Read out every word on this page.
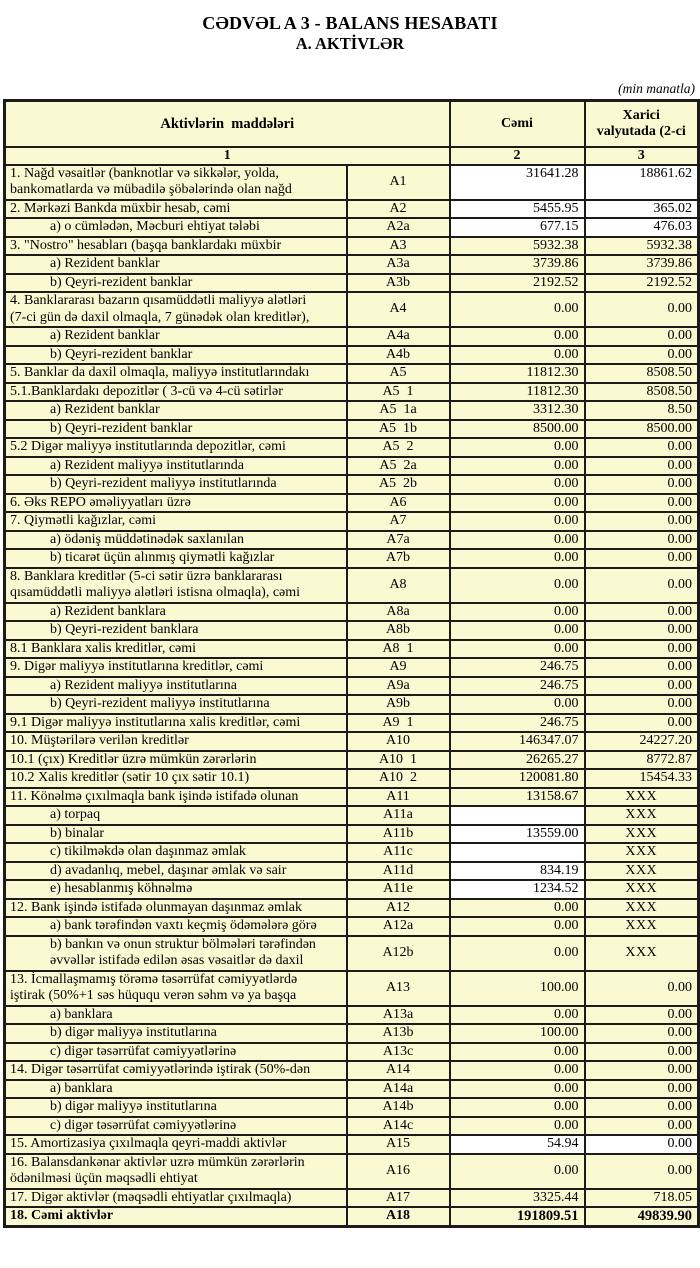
CƏDVƏL A 3 - BALANS HESABATI
A. AKTİVLƏR
(min manatla)
Aktivlərin  maddələri		Cəmi	Xarici
valyutada (2-ci
1		2	3

1. Nağd vəsaitlər (banknotlar və sikkələr, yolda,
bankomatlarda və mübadilə şöbələrində olan nağd	A1	31641.28	18861.62

2. Mərkəzi Bankda müxbir hesab, cəmi	A2	5455.95	365.02

a) o cümlədən, Məcburi ehtiyat tələbi	A2a	677.15	476.03

3. "Nostro" hesabları (başqa banklardakı müxbir	A3	5932.38	5932.38

a) Rezident banklar	A3a	3739.86	3739.86

b) Qeyri-rezident banklar	A3b	2192.52	2192.52

4. Banklararası bazarın qısamüddətli maliyyə alətləri
(7-ci gün də daxil olmaqla, 7 günədək olan kreditlər),	A4	0.00	0.00

a) Rezident banklar	A4a	0.00	0.00

b) Qeyri-rezident banklar	A4b	0.00	0.00

5. Banklar da daxil olmaqla, maliyyə institutlarındakı	A5	11812.30	8508.50

5.1.Banklardakı depozitlər ( 3-cü və 4-cü sətirlər	A5  1	11812.30	8508.50

a) Rezident banklar	A5  1a	3312.30	8.50

b) Qeyri-rezident banklar	A5  1b	8500.00	8500.00

5.2 Digər maliyyə institutlarında depozitlər, cəmi	A5  2	0.00	0.00

a) Rezident maliyyə institutlarında	A5  2a	0.00	0.00

b) Qeyri-rezident maliyyə institutlarında	A5  2b	0.00	0.00

6. Əks REPO əməliyyatları üzrə	A6	0.00	0.00

7. Qiymətli kağızlar, cəmi	A7	0.00	0.00

a) ödəniş müddətinədək saxlanılan	A7a	0.00	0.00

b) ticarət üçün alınmış qiymətli kağızlar	A7b	0.00	0.00

8. Banklara kreditlər (5-ci sətir üzrə banklararası
qısamüddətli maliyyə alətləri istisna olmaqla), cəmi	A8	0.00	0.00

a) Rezident banklara	A8a	0.00	0.00

b) Qeyri-rezident banklara	A8b	0.00	0.00

8.1 Banklara xalis kreditlər, cəmi	A8  1	0.00	0.00

9. Digər maliyyə institutlarına kreditlər, cəmi	A9	246.75	0.00

a) Rezident maliyyə institutlarına	A9a	246.75	0.00

b) Qeyri-rezident maliyyə institutlarına	A9b	0.00	0.00

9.1 Digər maliyyə institutlarına xalis kreditlər, cəmi	A9  1	246.75	0.00

10. Müştərilərə verilən kreditlər	A10	146347.07	24227.20

10.1 (çıx) Kreditlər üzrə mümkün zərərlərin	A10  1	26265.27	8772.87

10.2 Xalis kreditlər (sətir 10 çıx sətir 10.1)	A10  2	120081.80	15454.33

11. Könəlmə çıxılmaqla bank işində istifadə olunan	A11	13158.67	XXX

a) torpaq	A11a		XXX

b) binalar	A11b	13559.00	XXX

c) tikilməkdə olan daşınmaz əmlak	A11c		XXX

d) avadanlıq, mebel, daşınar əmlak və sair	A11d	834.19	XXX

e) hesablanmış köhnəlmə	A11e	1234.52	XXX

12. Bank işində istifadə olunmayan daşınmaz əmlak	A12	0.00	XXX

a) bank tərəfindən vaxtı keçmiş ödəmələrə görə	A12a	0.00	XXX

b) bankın və onun struktur bölmələri tərəfindən
əvvəllər istifadə edilən əsas vəsaitlər də daxil	A12b	0.00	XXX

13. İcmallaşmamış törəmə təsərrüfat cəmiyyətlərdə
iştirak (50%+1 səs hüququ verən səhm və ya başqa	A13	100.00	0.00

a) banklara	A13a	0.00	0.00

b) digər maliyyə institutlarına	A13b	100.00	0.00

c) digər təsərrüfat cəmiyyətlərinə	A13c	0.00	0.00

14. Digər təsərrüfat cəmiyyətlərində iştirak (50%-dən	A14	0.00	0.00

a) banklara	A14a	0.00	0.00

b) digər maliyyə institutlarına	A14b	0.00	0.00

c) digər təsərrüfat cəmiyyətlərinə	A14c	0.00	0.00

15. Amortizasiya çıxılmaqla qeyri-maddi aktivlər	A15	54.94	0.00

16. Balansdankənar aktivlər uzrə mümkün zərərlərin
ödənilməsi üçün məqsədli ehtiyat	A16	0.00	0.00

17. Digər aktivlər (məqsədli ehtiyatlar çıxılmaqla)	A17	3325.44	718.05

18. Cəmi aktivlər	A18	191809.51	49839.90
